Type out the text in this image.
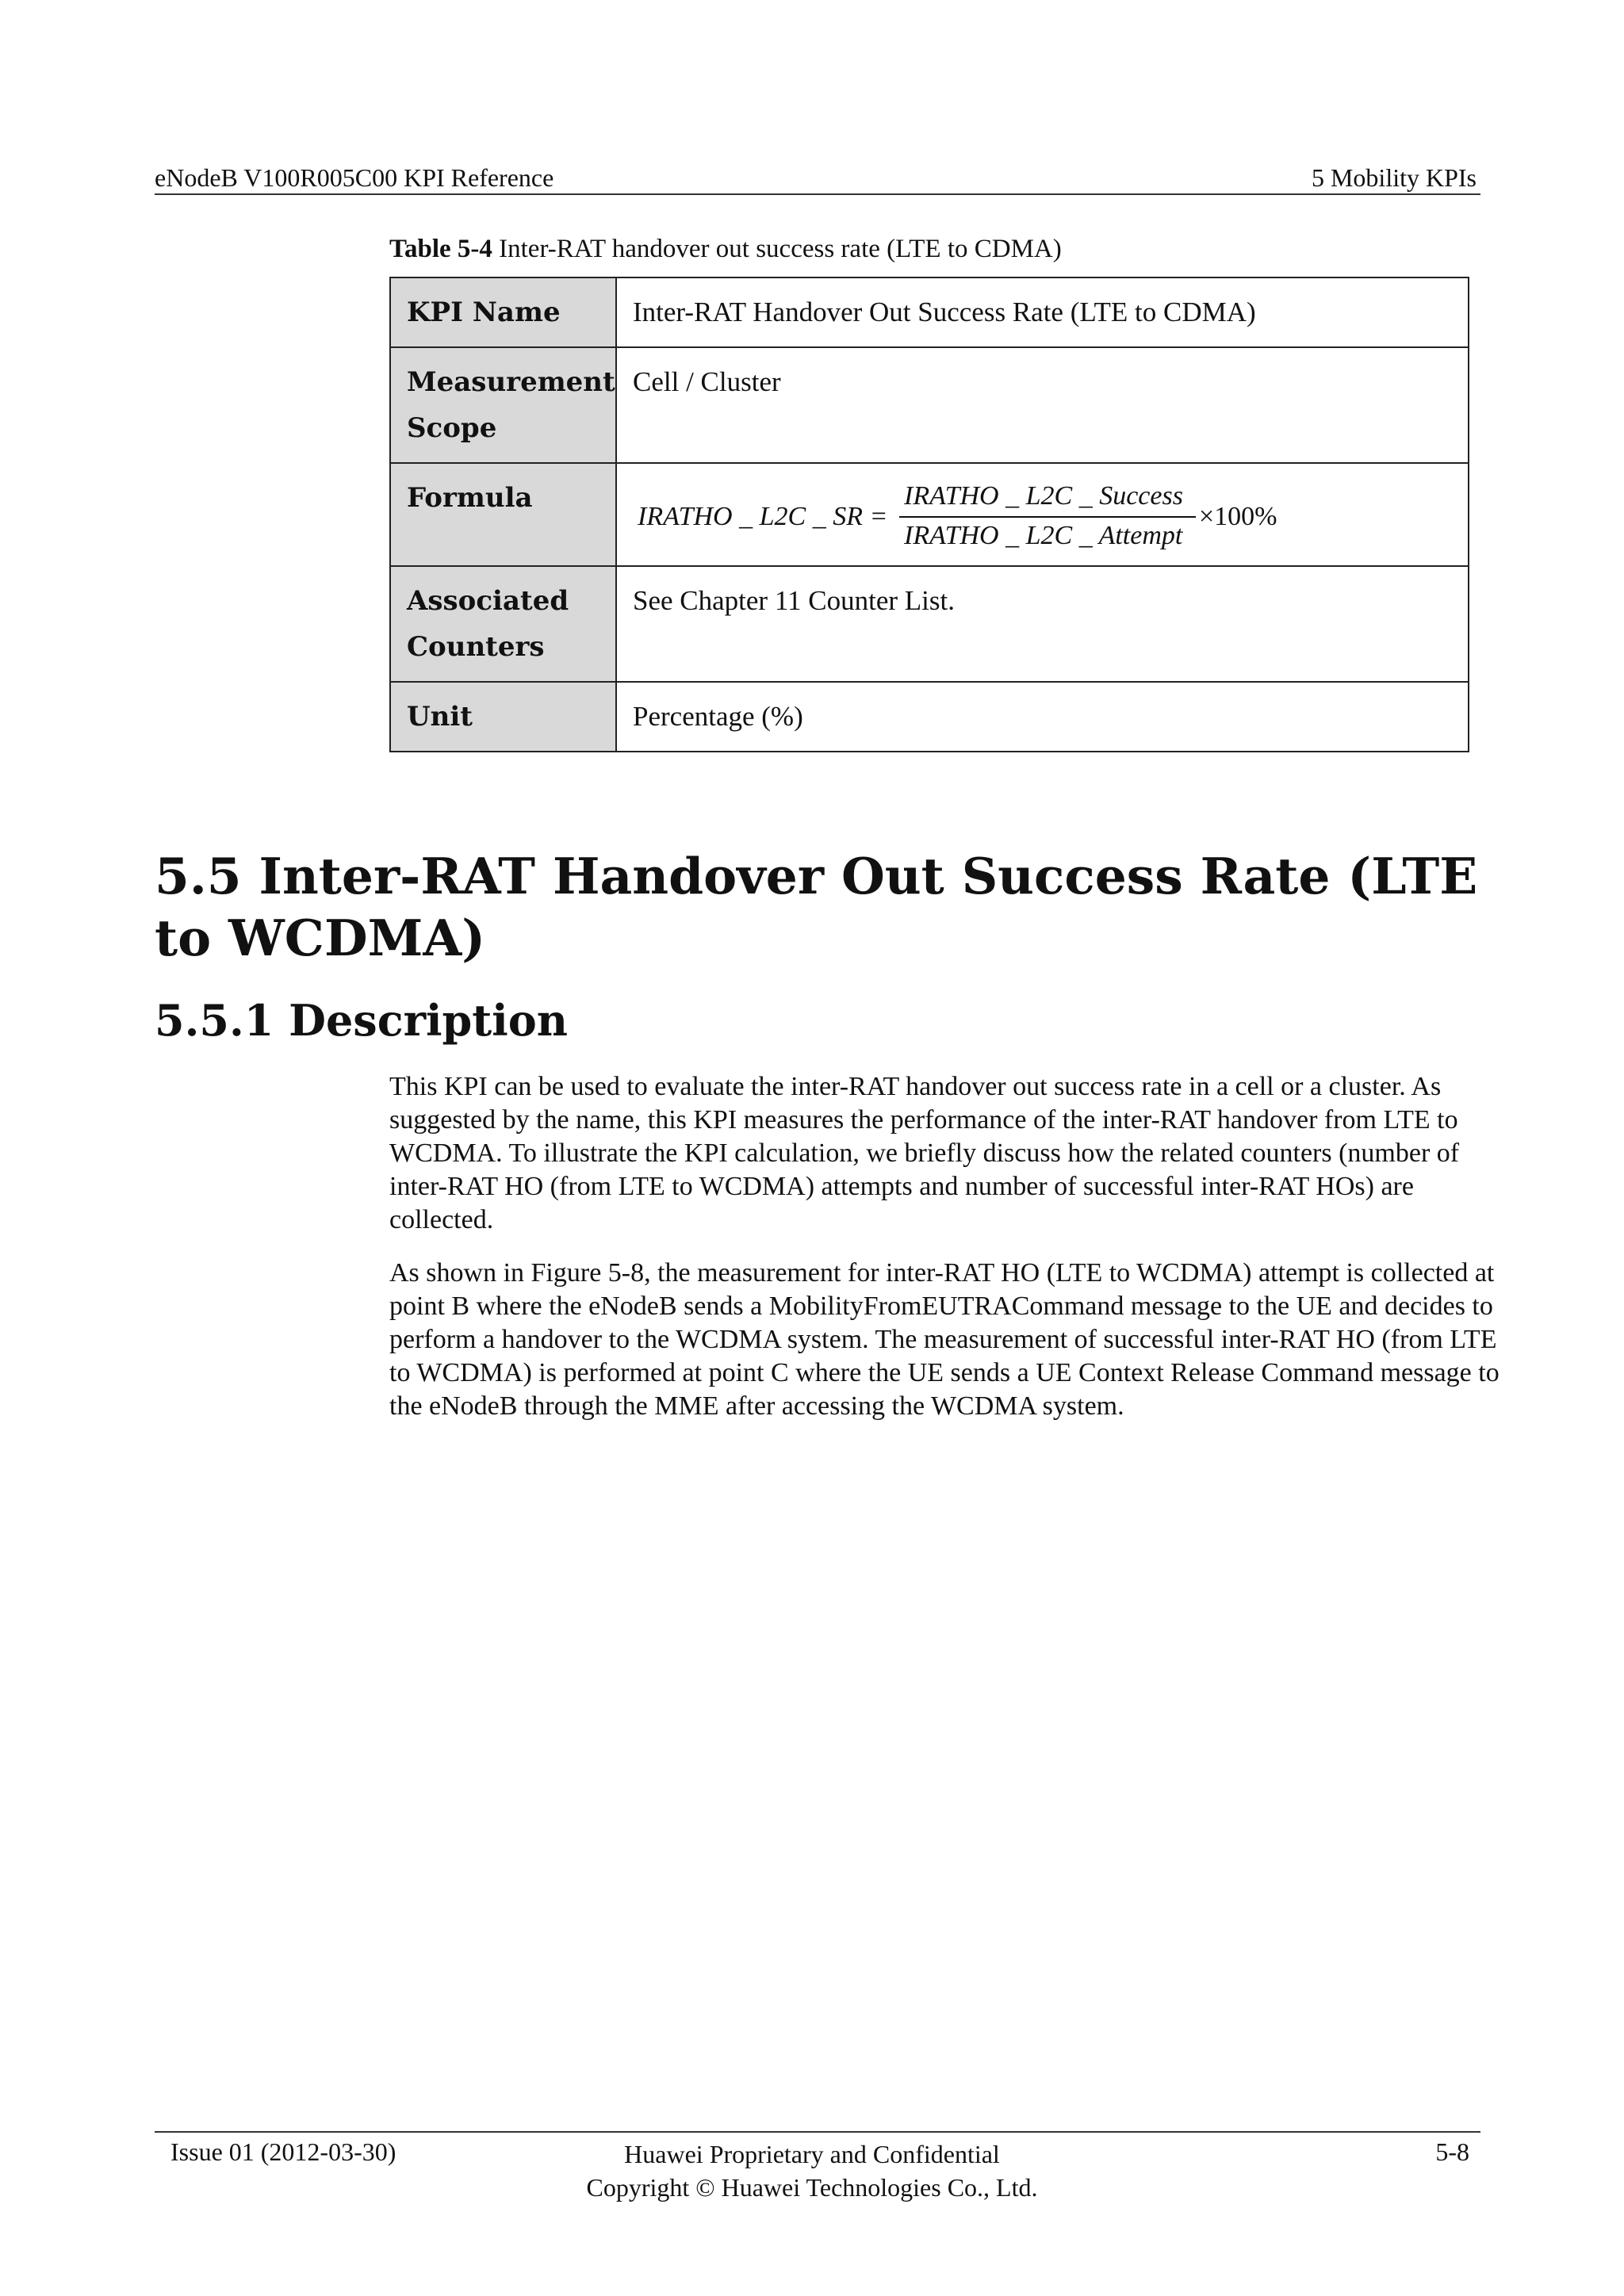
eNodeB V100R005C00 KPI Reference	5 Mobility KPIs
Table 5-4 Inter-RAT handover out success rate (LTE to CDMA)
KPI Name	Inter-RAT Handover Out Success Rate (LTE to CDMA)
Measurement Scope	Cell / Cluster
Formula	IRATHO _ L2C _ SR =
IRATHO _ L2C _ Success
IRATHO _ L2C _ Attempt
×100%

Associated Counters	See Chapter 11 Counter List.
Unit	Percentage (%)
5.5 Inter-RAT Handover Out Success Rate (LTE to WCDMA)
5.5.1 Description
This KPI can be used to evaluate the inter-RAT handover out success rate in a cell or a cluster. As suggested by the name, this KPI measures the performance of the inter-RAT handover from LTE to WCDMA. To illustrate the KPI calculation, we briefly discuss how the related counters (number of inter-RAT HO (from LTE to WCDMA) attempts and number of successful inter-RAT HOs) are collected.
As shown in Figure 5-8, the measurement for inter-RAT HO (LTE to WCDMA) attempt is collected at point B where the eNodeB sends a MobilityFromEUTRACommand message to the UE and decides to perform a handover to the WCDMA system. The measurement of successful inter-RAT HO (from LTE to WCDMA) is performed at point C where the UE sends a UE Context Release Command message to the eNodeB through the MME after accessing the WCDMA system.
Issue 01 (2012-03-30)	Huawei Proprietary and Confidential
Copyright © Huawei Technologies Co., Ltd.
5-8
